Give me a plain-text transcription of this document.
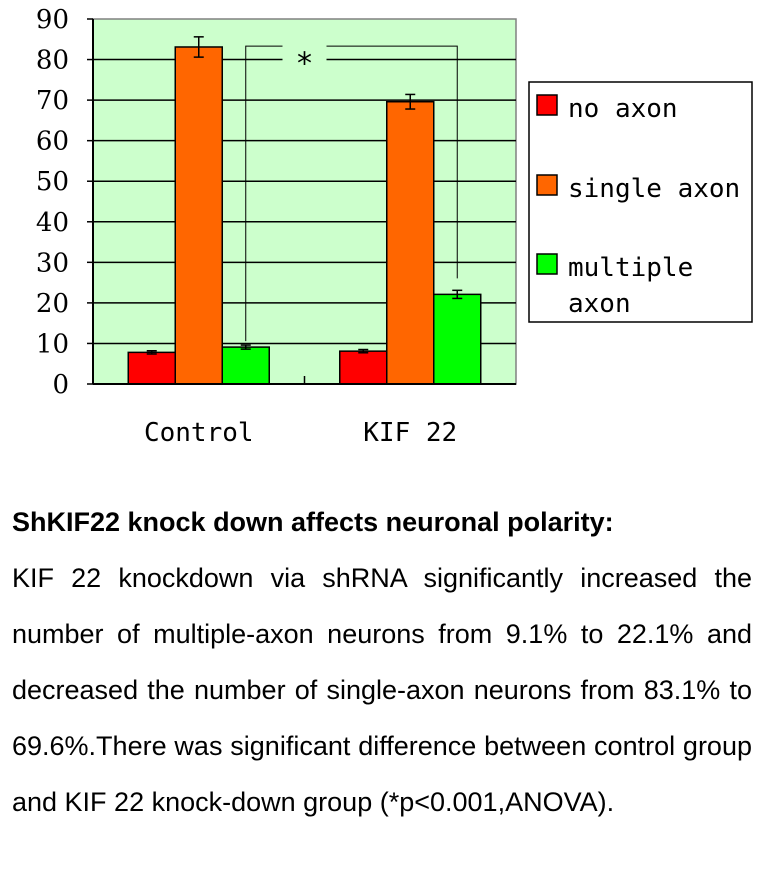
*
0
10
20
30
40
50
60
70
80
90
Control	KIF 22
no axon
single axon
multiple axon

ShKIF22 knock down affects neuronal polarity:

KIF 22 knockdown via shRNA significantly increased the number of multiple-axon neurons from 9.1% to 22.1% and decreased the number of single-axon neurons from 83.1% to 69.6%.There was significant difference between control group and KIF 22 knock-down group (*p<0.001,ANOVA).
